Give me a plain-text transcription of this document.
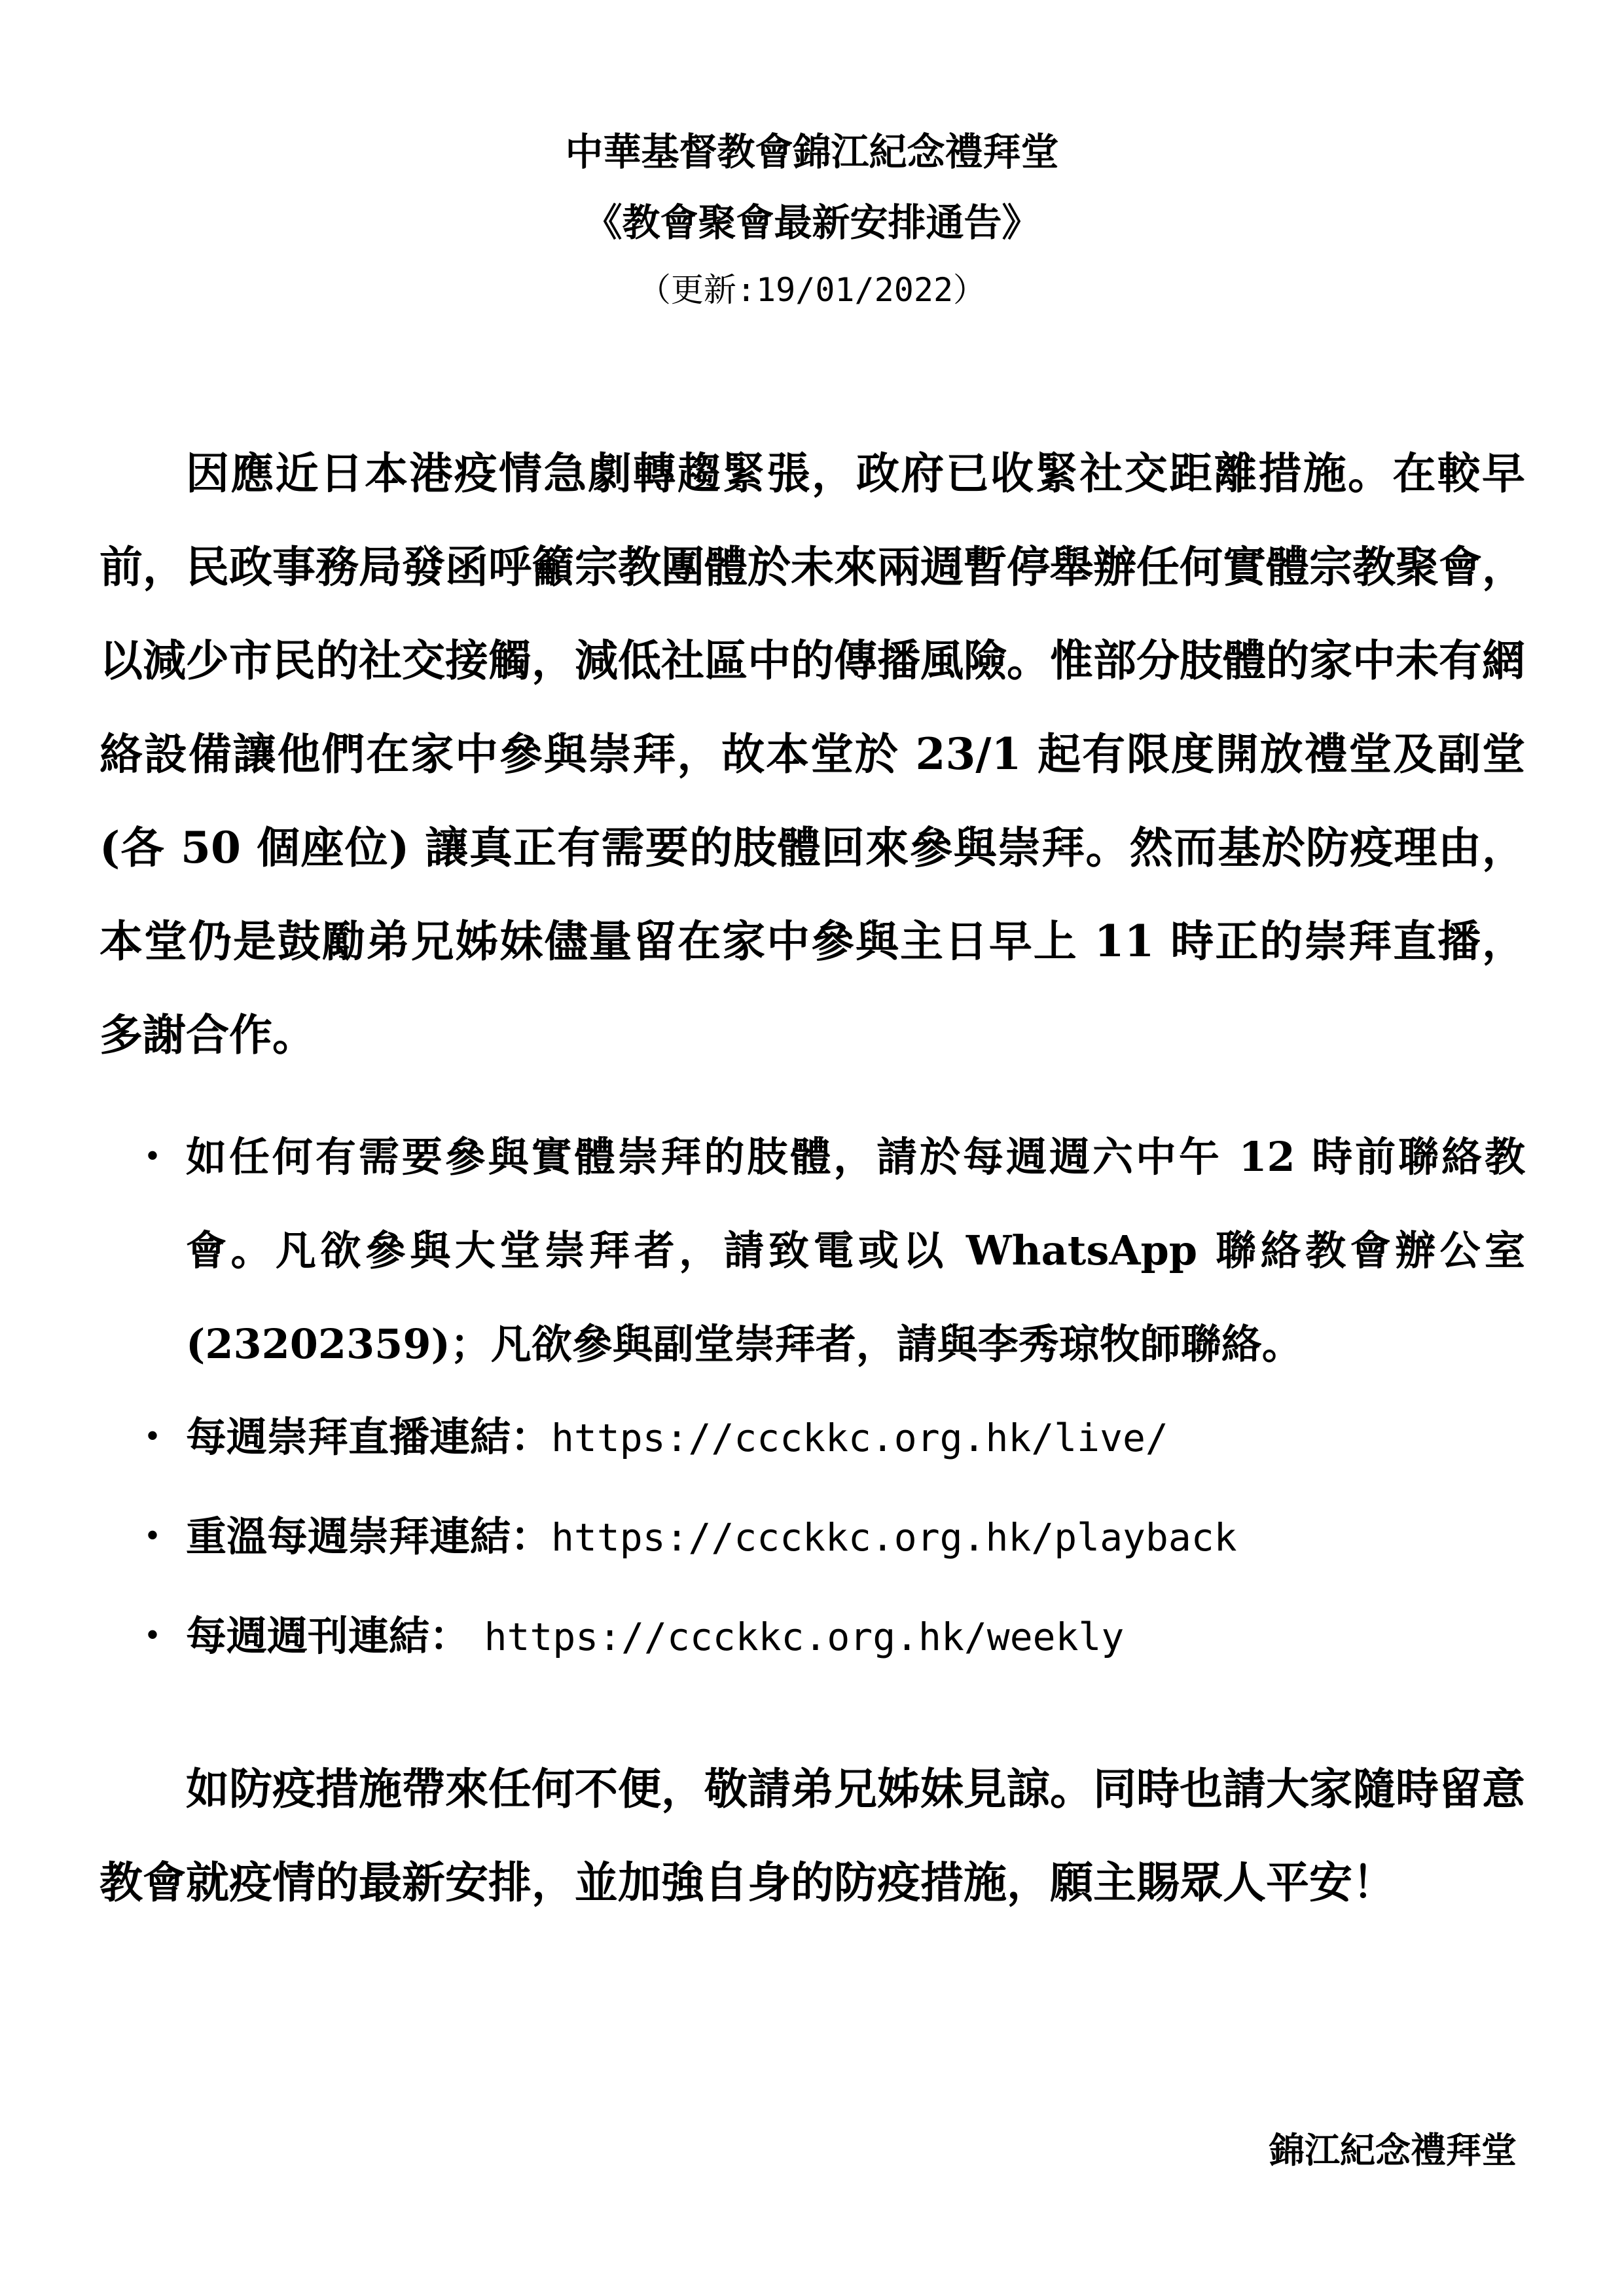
中華基督教會錦江紀念禮拜堂
《教會聚會最新安排通告》
（更新:19/01/2022）

因應近日本港疫情急劇轉趨緊張，政府已收緊社交距離措施。在較早前，民政事務局發函呼籲宗教團體於未來兩週暫停舉辦任何實體宗教聚會，以減少市民的社交接觸，減低社區中的傳播風險。惟部分肢體的家中未有網絡設備讓他們在家中參與崇拜，故本堂於 23/1 起有限度開放禮堂及副堂(各 50 個座位) 讓真正有需要的肢體回來參與崇拜。然而基於防疫理由，本堂仍是鼓勵弟兄姊妹儘量留在家中參與主日早上 11 時正的崇拜直播，多謝合作。

・ 如任何有需要參與實體崇拜的肢體，請於每週週六中午 12 時前聯絡教會。凡欲參與大堂崇拜者，請致電或以 WhatsApp 聯絡教會辦公室(23202359)；凡欲參與副堂崇拜者，請與李秀琼牧師聯絡。
・ 每週崇拜直播連結：https://ccckkc.org.hk/live/
・ 重溫每週崇拜連結：https://ccckkc.org.hk/playback
・ 每週週刊連結： https://ccckkc.org.hk/weekly

如防疫措施帶來任何不便，敬請弟兄姊妹見諒。同時也請大家隨時留意教會就疫情的最新安排，並加強自身的防疫措施，願主賜眾人平安！

錦江紀念禮拜堂
